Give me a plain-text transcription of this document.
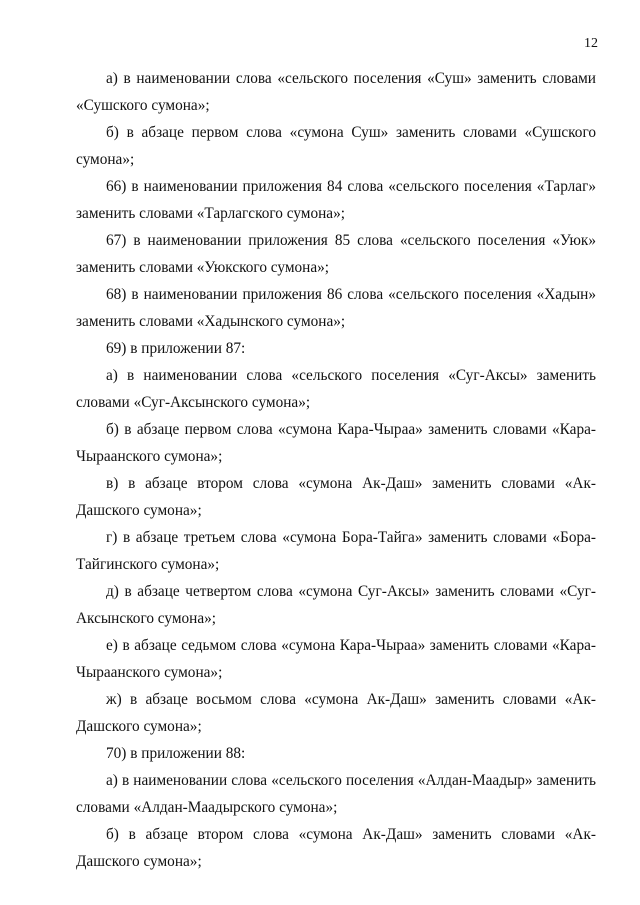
12

а) в наименовании слова «сельского поселения «Суш» заменить словами «Сушского сумона»;

б) в абзаце первом слова «сумона Суш» заменить словами «Сушского сумона»;

66) в наименовании приложения 84 слова «сельского поселения «Тарлаг» заменить словами «Тарлагского сумона»;

67) в наименовании приложения 85 слова «сельского поселения «Уюк» заменить словами «Уюкского сумона»;

68) в наименовании приложения 86 слова «сельского поселения «Хадын» заменить словами «Хадынского сумона»;

69) в приложении 87:

а) в наименовании слова «сельского поселения «Суг-Аксы» заменить словами «Суг-Аксынского сумона»;

б) в абзаце первом слова «сумона Кара-Чыраа» заменить словами «Кара-Чыраанского сумона»;

в) в абзаце втором слова «сумона Ак-Даш» заменить словами «Ак-Дашского сумона»;

г) в абзаце третьем слова «сумона Бора-Тайга» заменить словами «Бора-Тайгинского сумона»;

д) в абзаце четвертом слова «сумона Суг-Аксы» заменить словами «Суг-Аксынского сумона»;

е) в абзаце седьмом слова «сумона Кара-Чыраа» заменить словами «Кара-Чыраанского сумона»;

ж) в абзаце восьмом слова «сумона Ак-Даш» заменить словами «Ак-Дашского сумона»;

70) в приложении 88:

а) в наименовании слова «сельского поселения «Алдан-Маадыр» заменить словами «Алдан-Маадырского сумона»;

б) в абзаце втором слова «сумона Ак-Даш» заменить словами «Ак-Дашского сумона»;
